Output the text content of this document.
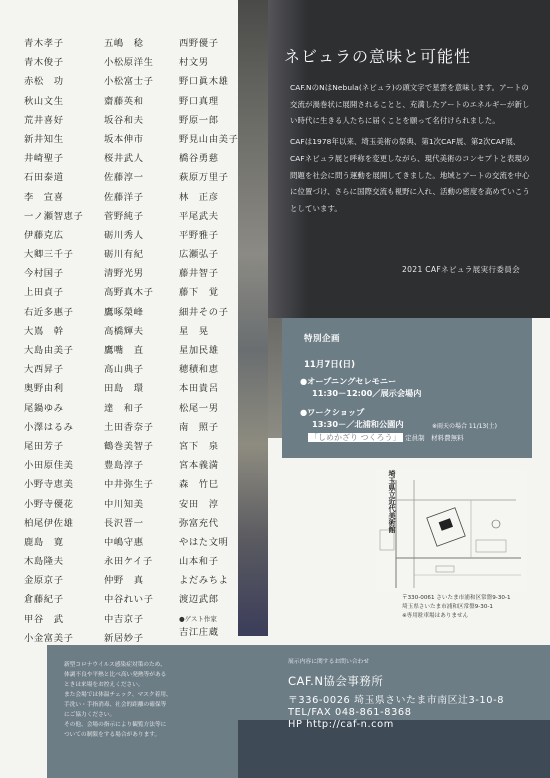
青木孝子
青木俊子
赤松　功
秋山文生
荒井喜好
新井知生
井崎聖子
石田泰道
李　宣喜
一ノ瀬智恵子
伊藤克広
大卿三千子
今村国子
上田貞子
右近多惠子
大嶌　幹
大島由美子
大西昇子
奥野由利
尾鍋ゆみ
小澤はるみ
尾田芳子
小田原佳美
小野寺恵美
小野寺優花
柏尾伊佐雄
鹿島　寛
木島隆夫
金原京子
倉藤紀子
甲谷　武
小金富美子
五嶋　稔
小松原洋生
小松富士子
齋藤英和
坂谷和夫
坂本伸市
桜井武人
佐藤淳一
佐藤洋子
菅野純子
砺川秀人
砺川有紀
清野光男
高野真木子
鷹啄榮峰
高橋輝夫
鷹嘴　直
高山典子
田島　環
達　和子
土田香奈子
鶴巻美智子
豊島淳子
中井弥生子
中川知美
長沢晋一
中嶋守惠
永田ケイ子
仲野　真
中谷れい子
中吉京子
新居妙子
西野優子
村文男
野口眞木雄
野口真理
野原一郎
野見山由美子
橋谷勇慈
萩原万里子
林　正彦
平尾武夫
平野雅子
広瀬弘子
藤井智子
藤下　覚
細井その子
星　晃
星加民雄
穂積和恵
本田貴呂
松尾一男
南　照子
宮下　泉
宮本義満
森　竹巳
安田　淳
弥富充代
やはた文明
山本和子
よだみちよ
渡辺武郎
●ゲスト作家
吉江庄蔵
ネビュラの意味と可能性

CAF.NのNはNebula(ネビュラ)の頭文字で星雲を意味します。アートの交流が渦巻状に展開されることと、充満したアートのエネルギーが新しい時代に生きる人たちに届くことを願って名付けられました。

CAFは1978年以来、埼玉美術の祭典、第1次CAF展、第2次CAF展、CAFネビュラ展と呼称を変更しながら、現代美術のコンセプトと表現の問題を社会に問う運動を展開してきました。地域とアートの交流を中心に位置づけ、さらに国際交流も視野に入れ、活動の密度を高めていこうとしています。

2021 CAFネビュラ展実行委員会
特別企画
11月7日(日)
●オープニングセレモニー
11:30－12:00／展示会場内
●ワークショップ
13:30－／北浦和公園内	※雨天の場合 11/13(土)
「しめかざり つくろう」 定員制　材料費無料
埼玉県立近代美術館
〒330-0061 さいたま市浦和区常盤9-30-1
埼玉県さいたま市浦和区常盤9-30-1
※専用駐車場はありません
新型コロナウイルス感染症対策のため、
体調不良や平熱と比べ高い発熱等がある
ときは来場をお控えください。
また会場では体温チェック、マスク着用、
手洗い・手指消毒、社会的距離の確保等
にご協力ください。
その他、会場の指示により観覧方法等に
ついての制限をする場合があります。
展示内容に関するお問い合わせ
CAF.N協会事務所
〒336-0026 埼玉県さいたま市南区辻3-10-8
TEL/FAX 048-861-8368
HP http://caf-n.com
